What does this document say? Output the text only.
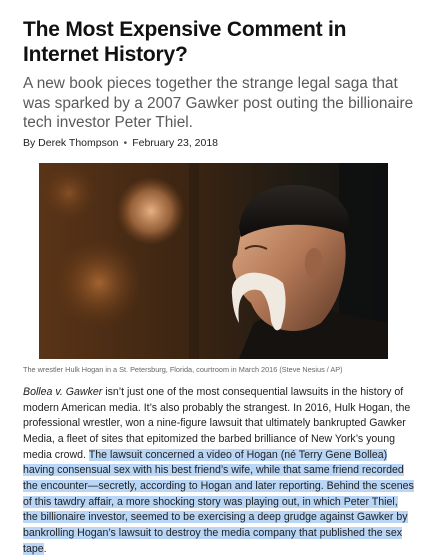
The Most Expensive Comment in Internet History?

A new book pieces together the strange legal saga that was sparked by a 2007 Gawker post outing the billionaire tech investor Peter Thiel.

By Derek Thompson • February 23, 2018
The wrestler Hulk Hogan in a St. Petersburg, Florida, courtroom in March 2016 (Steve Nesius / AP)

Bollea v. Gawker isn’t just one of the most consequential lawsuits in the history of modern American media. It’s also probably the strangest. In 2016, Hulk Hogan, the professional wrestler, won a nine-figure lawsuit that ultimately bankrupted Gawker Media, a fleet of sites that epitomized the barbed brilliance of New York’s young media crowd. The lawsuit concerned a video of Hogan (né Terry Gene Bollea) having consensual sex with his best friend’s wife, while that same friend recorded the encounter—secretly, according to Hogan and later reporting. Behind the scenes of this tawdry affair, a more shocking story was playing out, in which Peter Thiel, the billionaire investor, seemed to be exercising a deep grudge against Gawker by bankrolling Hogan’s lawsuit to destroy the media company that published the sex tape.
